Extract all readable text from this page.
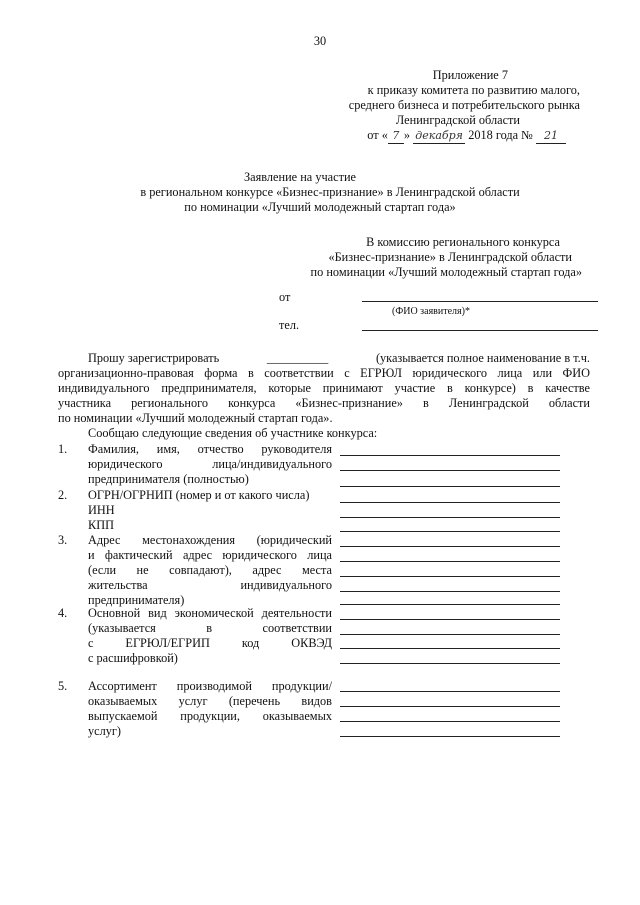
30
Приложение 7
к приказу комитета по развитию малого,
среднего бизнеса и потребительского рынка
Ленинградской области
от « 7 » декабря 2018 года № 21
Заявление на участие
в региональном конкурсе «Бизнес-признание» в Ленинградской области
по номинации «Лучший молодежный стартап года»
В комиссию регионального конкурса
«Бизнес-признание» в Ленинградской области
по номинации «Лучший молодежный стартап года»
от
(ФИО заявителя)*
тел.
Прошу зарегистрировать	__________	(указывается полное наименование в т.ч.
организационно-правовая форма в соответствии с ЕГРЮЛ юридического лица или ФИО
индивидуального предпринимателя, которые принимают участие в конкурсе) в качестве
участника регионального конкурса «Бизнес-признание» в Ленинградской области
по номинации «Лучший молодежный стартап года».
Сообщаю следующие сведения об участнике конкурса:
1. Фамилия, имя, отчество руководителя
юридического лица/индивидуального
предпринимателя (полностью)
2. ОГРН/ОГРНИП (номер и от какого числа)
ИНН
КПП
3. Адрес местонахождения (юридический
и фактический адрес юридического лица
(если не совпадают), адрес места
жительства индивидуального
предпринимателя)
4. Основной вид экономической деятельности
(указывается в соответствии
с ЕГРЮЛ/ЕГРИП код ОКВЭД
с расшифровкой)
5. Ассортимент производимой продукции/
оказываемых услуг (перечень видов
выпускаемой продукции, оказываемых
услуг)
